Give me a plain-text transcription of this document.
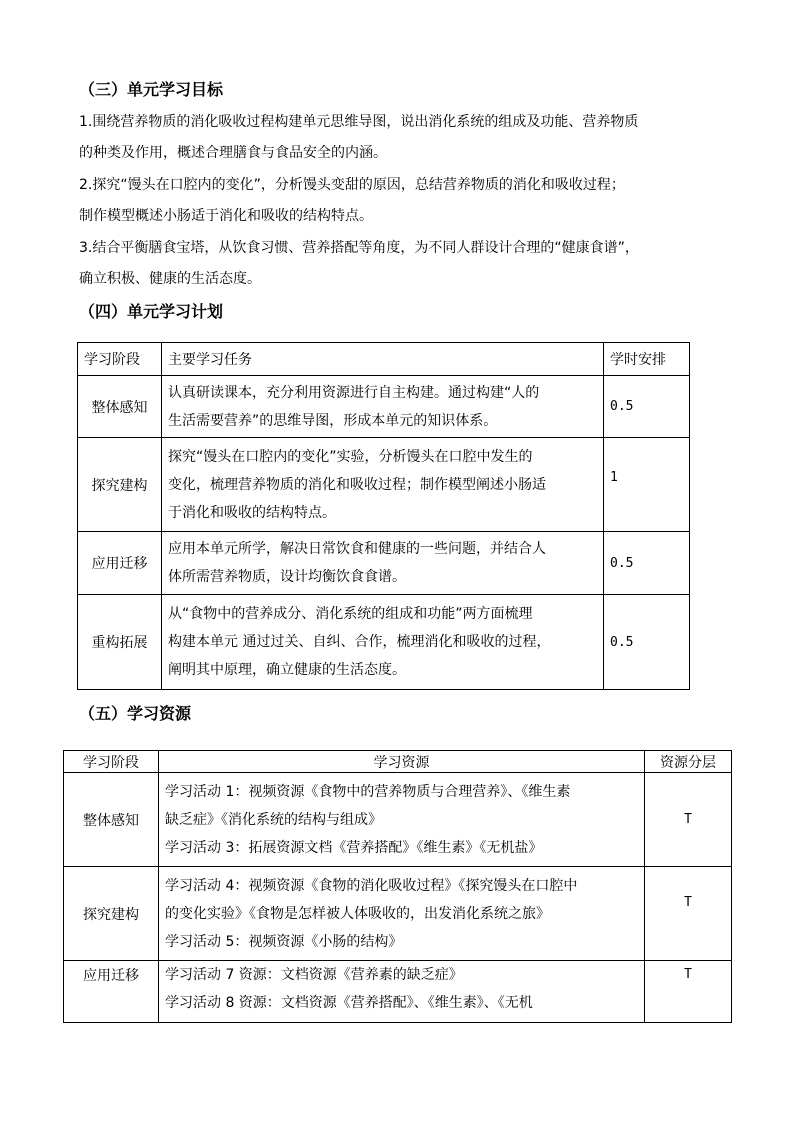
（三）单元学习目标
1.围绕营养物质的消化吸收过程构建单元思维导图，说出消化系统的组成及功能、营养物质
的种类及作用，概述合理膳食与食品安全的内涵。
2.探究“馒头在口腔内的变化”，分析馒头变甜的原因，总结营养物质的消化和吸收过程；
制作模型概述小肠适于消化和吸收的结构特点。
3.结合平衡膳食宝塔，从饮食习惯、营养搭配等角度，为不同人群设计合理的“健康食谱”，
确立积极、健康的生活态度。
（四）单元学习计划
学习阶段	主要学习任务	学时安排
整体感知	认真研读课本，充分利用资源进行自主构建。通过构建“人的
生活需要营养”的思维导图，形成本单元的知识体系。	0.5
探究建构	探究“馒头在口腔内的变化”实验，分析馒头在口腔中发生的
变化，梳理营养物质的消化和吸收过程；制作模型阐述小肠适
于消化和吸收的结构特点。	1
应用迁移	应用本单元所学，解决日常饮食和健康的一些问题，并结合人
体所需营养物质，设计均衡饮食食谱。	0.5
重构拓展	从“食物中的营养成分、消化系统的组成和功能”两方面梳理
构建本单元 通过过关、自纠、合作，梳理消化和吸收的过程，
阐明其中原理，确立健康的生活态度。	0.5
（五）学习资源
学习阶段	学习资源	资源分层
整体感知	学习活动 1：视频资源《食物中的营养物质与合理营养》、《维生素
缺乏症》《消化系统的结构与组成》
学习活动 3：拓展资源文档《营养搭配》《维生素》《无机盐》	T
探究建构	学习活动 4：视频资源《食物的消化吸收过程》《探究馒头在口腔中
的变化实验》《食物是怎样被人体吸收的，出发消化系统之旅》
学习活动 5：视频资源《小肠的结构》	T
应用迁移	学习活动 7 资源：文档资源《营养素的缺乏症》
学习活动 8 资源：文档资源《营养搭配》、《维生素》、《无机	T
